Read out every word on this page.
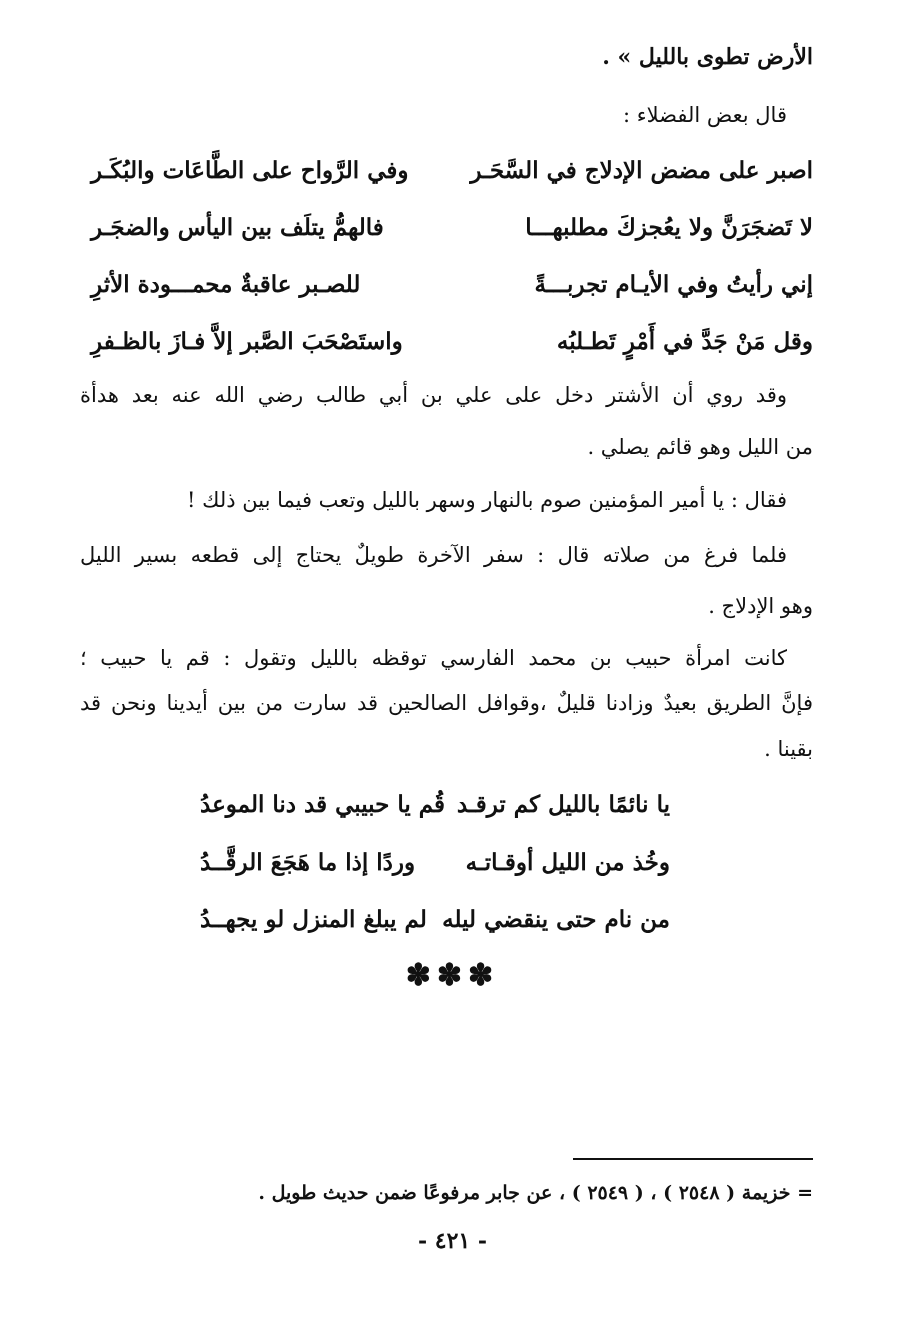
الأرض تطوى بالليل » .
قال بعض الفضلاء :
اصبر على مضض الإدلاج في السَّحَـر
وفي الرَّواح على الطَّاعَات والبُكَـر
لا تَضجَرَنَّ ولا يعُجزكَ مطلبهـــا
فالهمُّ يتلَف بين اليأس والضجَـر
إني رأيتُ وفي الأيـام تجربـــةً
للصـبر عاقبةٌ محمـــودة الأثرِ
وقل مَنْ جَدَّ في أَمْرٍ تَطـلبُه
واستَصْحَبَ الصَّبر إلاَّ فـازَ بالظـفرِ
وقد روي أن الأشتر دخل على علي بن أبي طالب رضي الله عنه بعد هدأة
من الليل وهو قائم يصلي .
فقال : يا أمير المؤمنين صوم بالنهار وسهر بالليل وتعب فيما بين ذلك !
فلما فرغ من صلاته قال : سفر الآخرة طويلٌ يحتاج إلى قطعه بسير الليل
وهو الإدلاج .
كانت امرأة حبيب بن محمد الفارسي توقظه بالليل وتقول : قم يا حبيب ؛
فإنَّ الطريق بعيدٌ وزادنا قليلٌ ،وقوافل الصالحين قد سارت من بين أيدينا ونحن قد
بقينا .
يا نائمًا بالليل كم ترقـد
قُم يا حبيبي قد دنا الموعدُ
وخُذ من الليل أوقـاتـه
وردًا إذا ما هَجَعَ الرقَّــدُ
من نام حتى ينقضي ليله
لم يبلغ المنزل لو يجهــدُ
✽✽✽
= خزيمة ( ٢٥٤٨ ) ، ( ٢٥٤٩ ) ، عن جابر مرفوعًا ضمن حديث طويل .
- ٤٢١ -
